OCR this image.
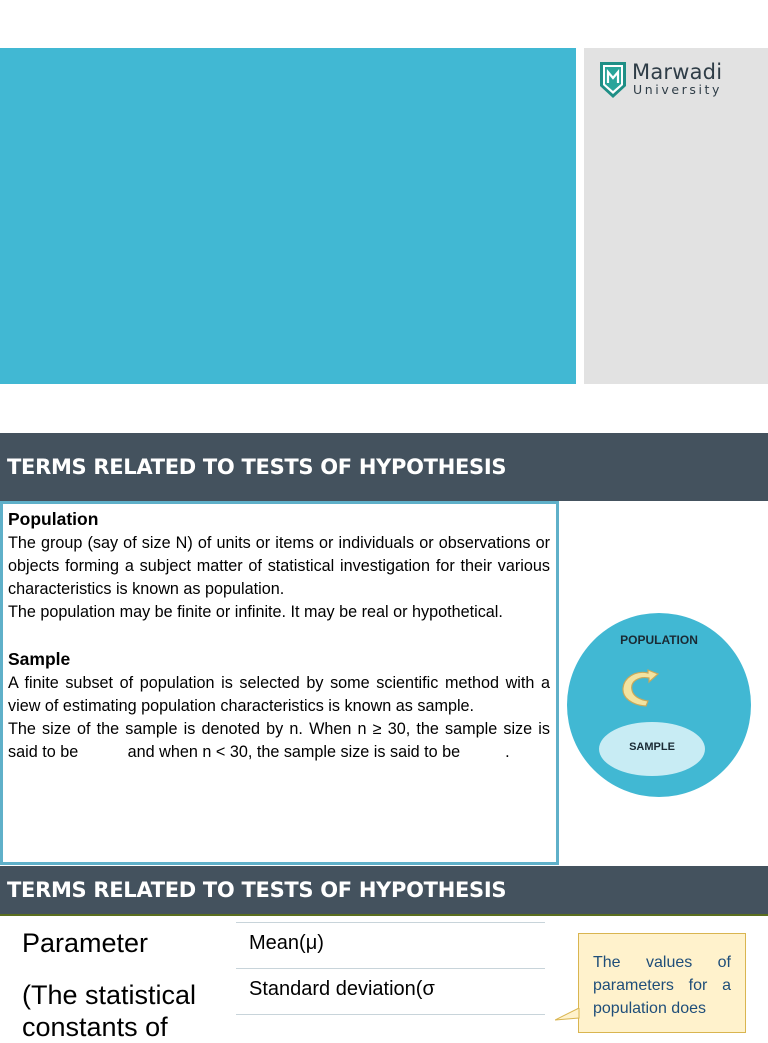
Marwadi
University
TERMS RELATED TO TESTS OF HYPOTHESIS
Population

The group (say of size N) of units or items or individuals or observations or objects forming a subject matter of statistical investigation for their various characteristics is known as population.

The population may be finite or infinite. It may be real or hypothetical.

Sample

A finite subset of population is selected by some scientific method with a view of estimating population characteristics is known as sample.

The size of the sample is denoted by n. When n ≥ 30, the sample size is said to be           and when n < 30, the sample size is said to be          .

POPULATION
SAMPLE
TERMS RELATED TO TESTS OF HYPOTHESIS
Parameter
(The statistical
constants of
Mean(μ)
Standard deviation(σ
The values of parameters for a population does
